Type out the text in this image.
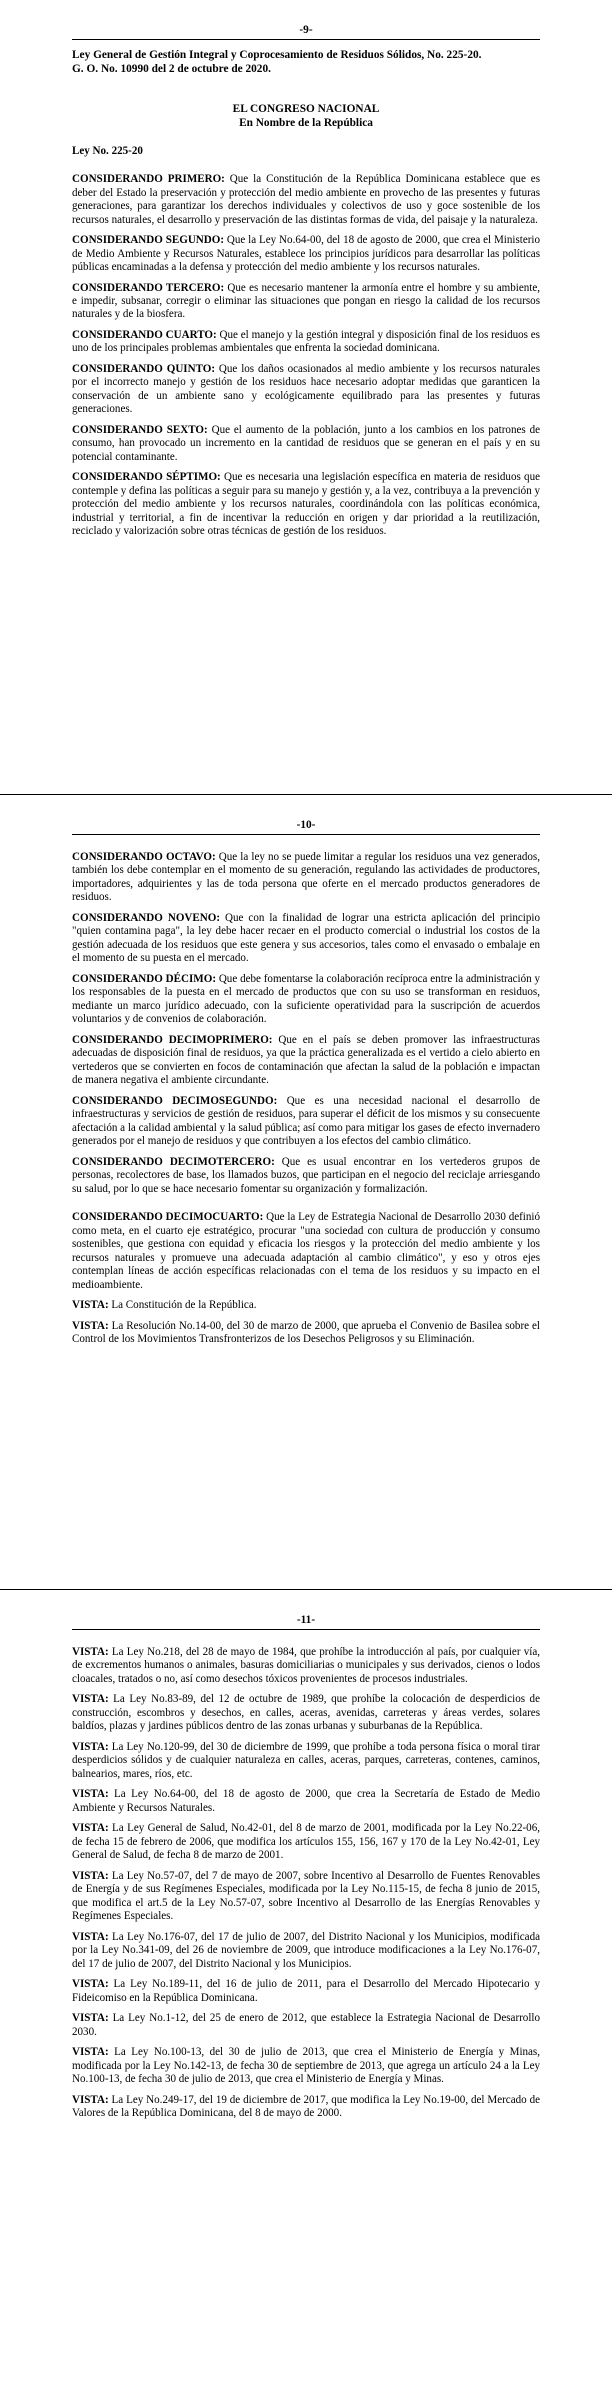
-9-
Ley General de Gestión Integral y Coprocesamiento de Residuos Sólidos, No. 225-20.
G. O. No. 10990 del 2 de octubre de 2020.
EL CONGRESO NACIONAL
En Nombre de la República

Ley No. 225-20

CONSIDERANDO PRIMERO: Que la Constitución de la República Dominicana establece que es deber del Estado la preservación y protección del medio ambiente en provecho de las presentes y futuras generaciones, para garantizar los derechos individuales y colectivos de uso y goce sostenible de los recursos naturales, el desarrollo y preservación de las distintas formas de vida, del paisaje y la naturaleza.

CONSIDERANDO SEGUNDO: Que la Ley No.64-00, del 18 de agosto de 2000, que crea el Ministerio de Medio Ambiente y Recursos Naturales, establece los principios jurídicos para desarrollar las políticas públicas encaminadas a la defensa y protección del medio ambiente y los recursos naturales.

CONSIDERANDO TERCERO: Que es necesario mantener la armonía entre el hombre y su ambiente, e impedir, subsanar, corregir o eliminar las situaciones que pongan en riesgo la calidad de los recursos naturales y de la biosfera.

CONSIDERANDO CUARTO: Que el manejo y la gestión integral y disposición final de los residuos es uno de los principales problemas ambientales que enfrenta la sociedad dominicana.

CONSIDERANDO QUINTO: Que los daños ocasionados al medio ambiente y los recursos naturales por el incorrecto manejo y gestión de los residuos hace necesario adoptar medidas que garanticen la conservación de un ambiente sano y ecológicamente equilibrado para las presentes y futuras generaciones.

CONSIDERANDO SEXTO: Que el aumento de la población, junto a los cambios en los patrones de consumo, han provocado un incremento en la cantidad de residuos que se generan en el país y en su potencial contaminante.

CONSIDERANDO SÉPTIMO: Que es necesaria una legislación específica en materia de residuos que contemple y defina las políticas a seguir para su manejo y gestión y, a la vez, contribuya a la prevención y protección del medio ambiente y los recursos naturales, coordinándola con las políticas económica, industrial y territorial, a fin de incentivar la reducción en origen y dar prioridad a la reutilización, reciclado y valorización sobre otras técnicas de gestión de los residuos.

-10-

CONSIDERANDO OCTAVO: Que la ley no se puede limitar a regular los residuos una vez generados, también los debe contemplar en el momento de su generación, regulando las actividades de productores, importadores, adquirientes y las de toda persona que oferte en el mercado productos generadores de residuos.

CONSIDERANDO NOVENO: Que con la finalidad de lograr una estricta aplicación del principio "quien contamina paga", la ley debe hacer recaer en el producto comercial o industrial los costos de la gestión adecuada de los residuos que este genera y sus accesorios, tales como el envasado o embalaje en el momento de su puesta en el mercado.

CONSIDERANDO DÉCIMO: Que debe fomentarse la colaboración recíproca entre la administración y los responsables de la puesta en el mercado de productos que con su uso se transforman en residuos, mediante un marco jurídico adecuado, con la suficiente operatividad para la suscripción de acuerdos voluntarios y de convenios de colaboración.

CONSIDERANDO DECIMOPRIMERO: Que en el país se deben promover las infraestructuras adecuadas de disposición final de residuos, ya que la práctica generalizada es el vertido a cielo abierto en vertederos que se convierten en focos de contaminación que afectan la salud de la población e impactan de manera negativa el ambiente circundante.

CONSIDERANDO DECIMOSEGUNDO: Que es una necesidad nacional el desarrollo de infraestructuras y servicios de gestión de residuos, para superar el déficit de los mismos y su consecuente afectación a la calidad ambiental y la salud pública; así como para mitigar los gases de efecto invernadero generados por el manejo de residuos y que contribuyen a los efectos del cambio climático.

CONSIDERANDO DECIMOTERCERO: Que es usual encontrar en los vertederos grupos de personas, recolectores de base, los llamados buzos, que participan en el negocio del reciclaje arriesgando su salud, por lo que se hace necesario fomentar su organización y formalización.

CONSIDERANDO DECIMOCUARTO: Que la Ley de Estrategia Nacional de Desarrollo 2030 definió como meta, en el cuarto eje estratégico, procurar "una sociedad con cultura de producción y consumo sostenibles, que gestiona con equidad y eficacia los riesgos y la protección del medio ambiente y los recursos naturales y promueve una adecuada adaptación al cambio climático", y eso y otros ejes contemplan líneas de acción específicas relacionadas con el tema de los residuos y su impacto en el medioambiente.

VISTA: La Constitución de la República.

VISTA: La Resolución No.14-00, del 30 de marzo de 2000, que aprueba el Convenio de Basilea sobre el Control de los Movimientos Transfronterizos de los Desechos Peligrosos y su Eliminación.

-11-

VISTA: La Ley No.218, del 28 de mayo de 1984, que prohíbe la introducción al país, por cualquier vía, de excrementos humanos o animales, basuras domiciliarias o municipales y sus derivados, cienos o lodos cloacales, tratados o no, así como desechos tóxicos provenientes de procesos industriales.

VISTA: La Ley No.83-89, del 12 de octubre de 1989, que prohíbe la colocación de desperdicios de construcción, escombros y desechos, en calles, aceras, avenidas, carreteras y áreas verdes, solares baldíos, plazas y jardines públicos dentro de las zonas urbanas y suburbanas de la República.

VISTA: La Ley No.120-99, del 30 de diciembre de 1999, que prohíbe a toda persona física o moral tirar desperdicios sólidos y de cualquier naturaleza en calles, aceras, parques, carreteras, contenes, caminos, balnearios, mares, ríos, etc.

VISTA: La Ley No.64-00, del 18 de agosto de 2000, que crea la Secretaría de Estado de Medio Ambiente y Recursos Naturales.

VISTA: La Ley General de Salud, No.42-01, del 8 de marzo de 2001, modificada por la Ley No.22-06, de fecha 15 de febrero de 2006, que modifica los artículos 155, 156, 167 y 170 de la Ley No.42-01, Ley General de Salud, de fecha 8 de marzo de 2001.

VISTA: La Ley No.57-07, del 7 de mayo de 2007, sobre Incentivo al Desarrollo de Fuentes Renovables de Energía y de sus Regímenes Especiales, modificada por la Ley No.115-15, de fecha 8 junio de 2015, que modifica el art.5 de la Ley No.57-07, sobre Incentivo al Desarrollo de las Energías Renovables y Regímenes Especiales.

VISTA: La Ley No.176-07, del 17 de julio de 2007, del Distrito Nacional y los Municipios, modificada por la Ley No.341-09, del 26 de noviembre de 2009, que introduce modificaciones a la Ley No.176-07, del 17 de julio de 2007, del Distrito Nacional y los Municipios.

VISTA: La Ley No.189-11, del 16 de julio de 2011, para el Desarrollo del Mercado Hipotecario y Fideicomiso en la República Dominicana.

VISTA: La Ley No.1-12, del 25 de enero de 2012, que establece la Estrategia Nacional de Desarrollo 2030.

VISTA: La Ley No.100-13, del 30 de julio de 2013, que crea el Ministerio de Energía y Minas, modificada por la Ley No.142-13, de fecha 30 de septiembre de 2013, que agrega un artículo 24 a la Ley No.100-13, de fecha 30 de julio de 2013, que crea el Ministerio de Energía y Minas.

VISTA: La Ley No.249-17, del 19 de diciembre de 2017, que modifica la Ley No.19-00, del Mercado de Valores de la República Dominicana, del 8 de mayo de 2000.
